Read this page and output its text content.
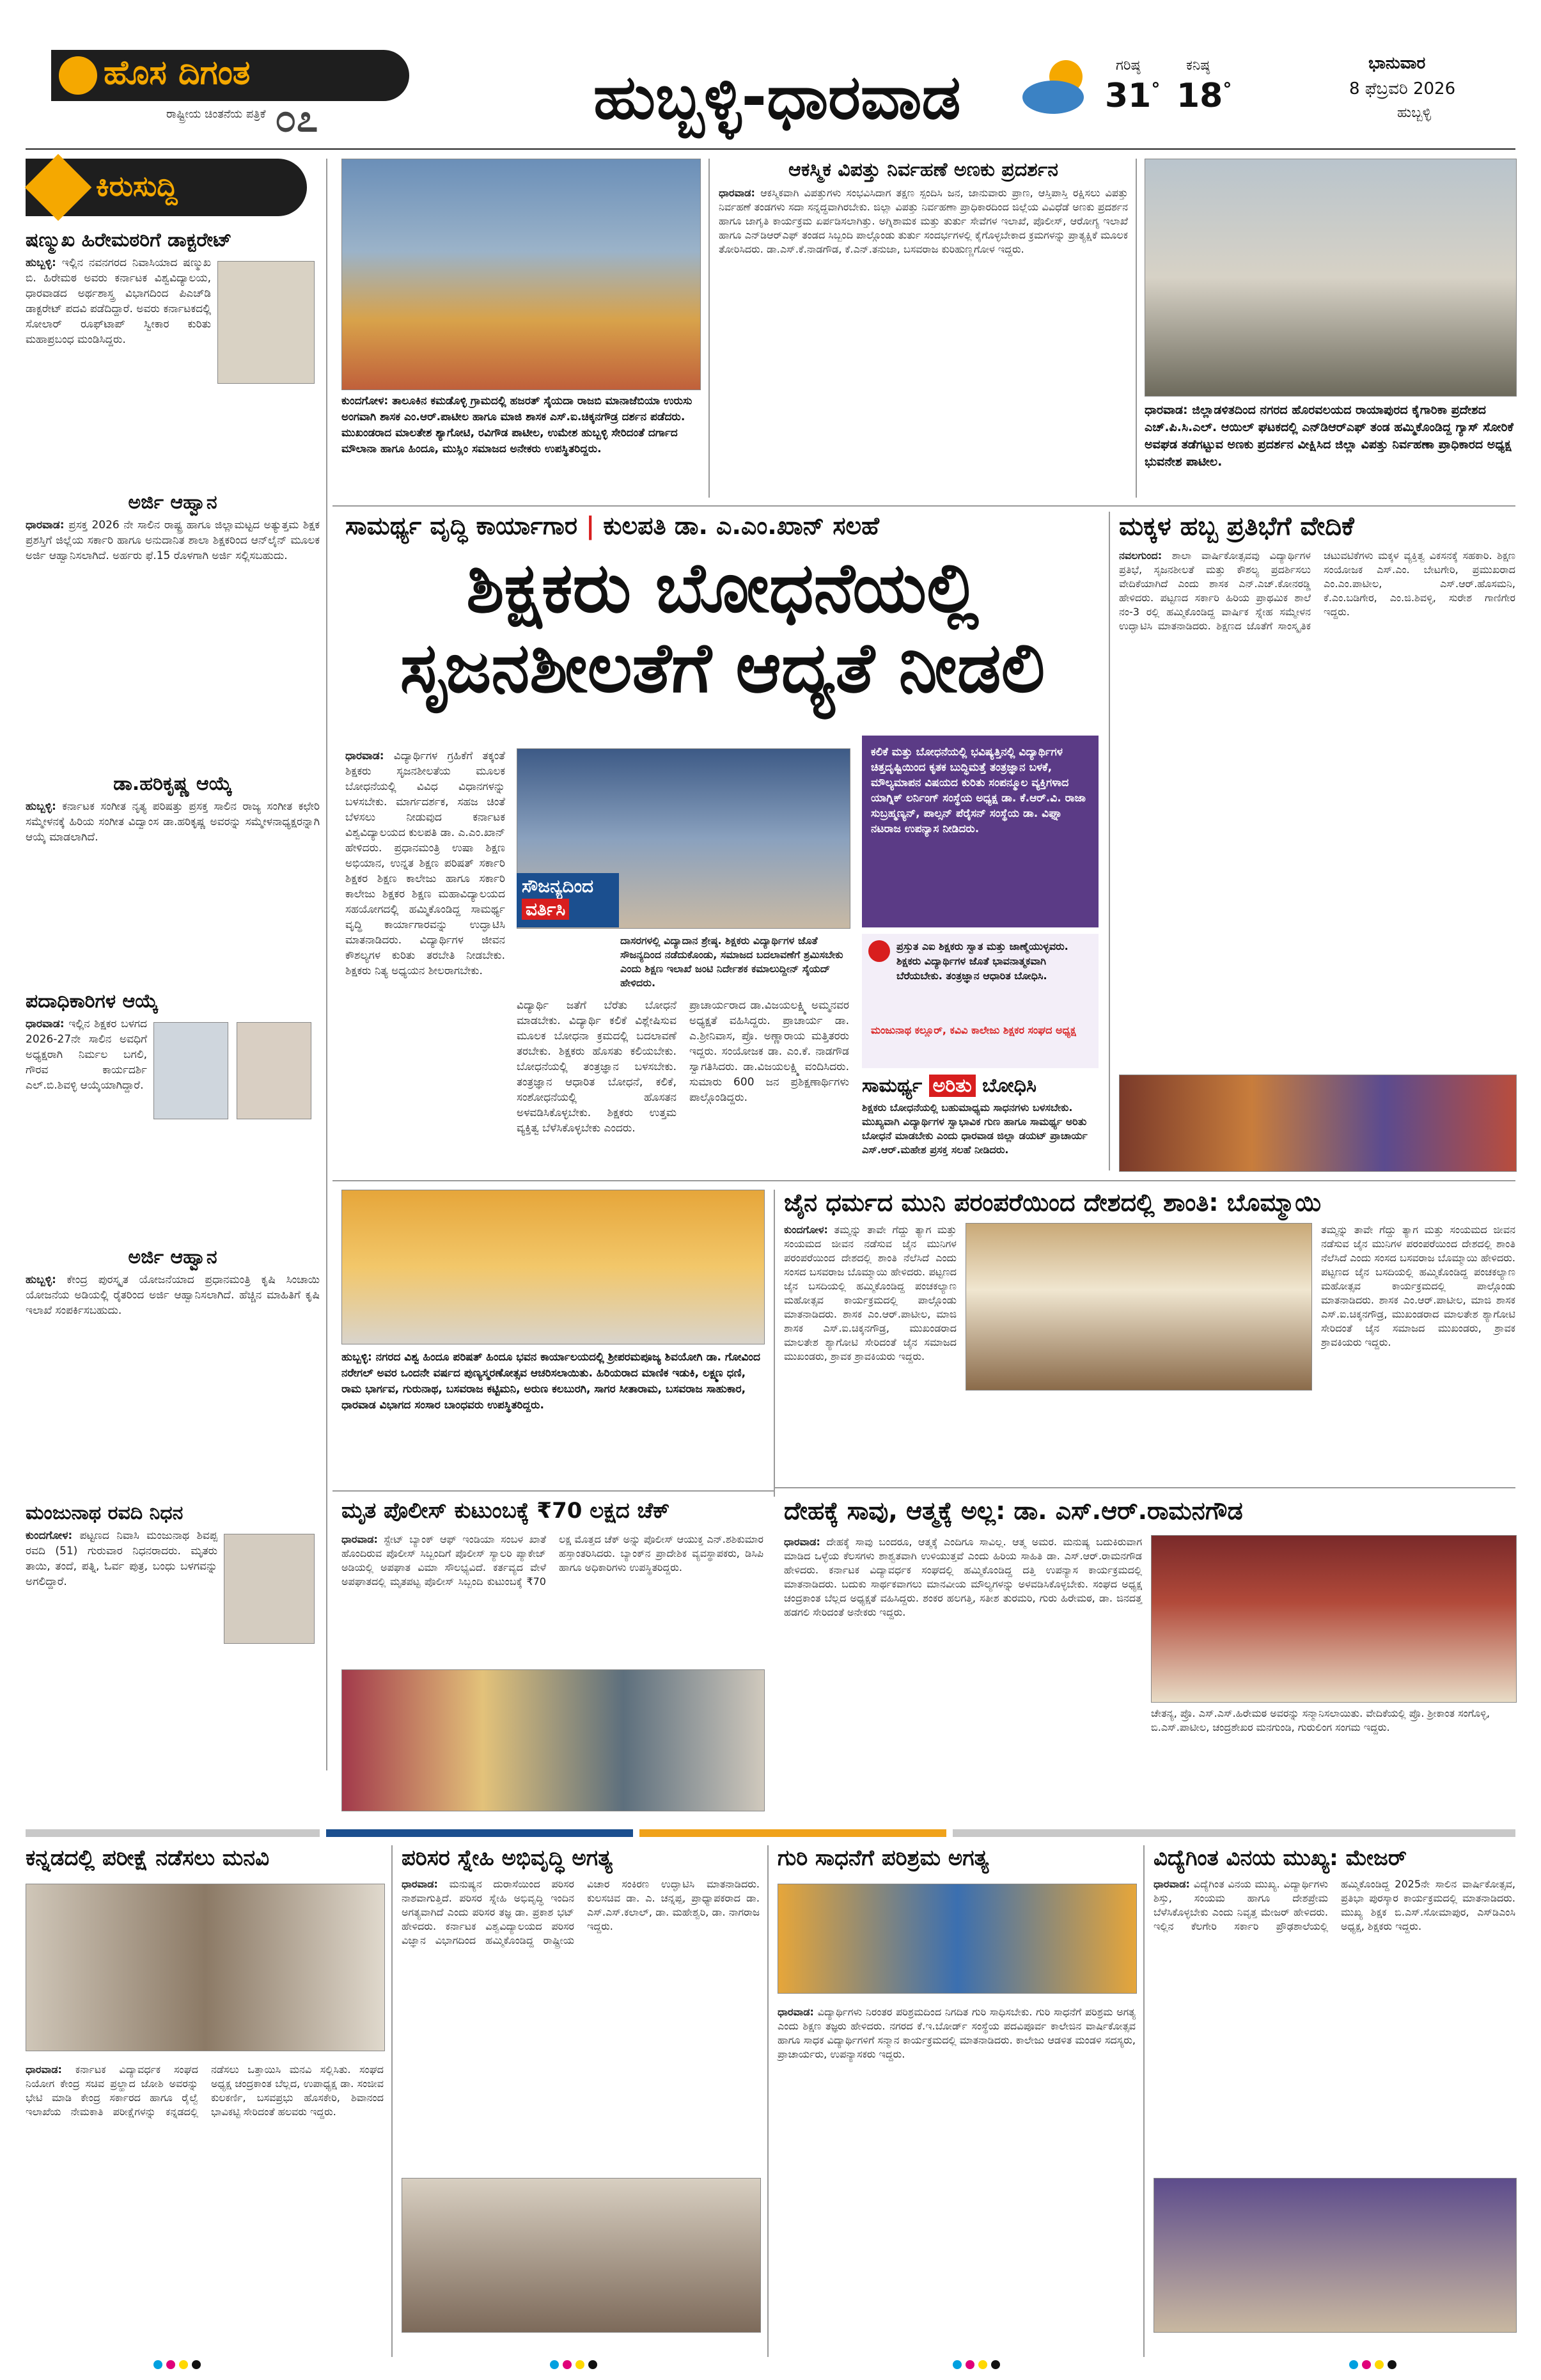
ಹೊಸ ದಿಗಂತ
ರಾಷ್ಟ್ರೀಯ ಚಿಂತನೆಯ ಪತ್ರಿಕೆ ೦೭	ಹುಬ್ಬಳ್ಳಿ-ಧಾರವಾಡ	ಗರಿಷ್ಠ
31°
ಕನಿಷ್ಠ
18°
ಭಾನುವಾರ
8 ಫೆಬ್ರವರಿ 2026
ಹುಬ್ಬಳ್ಳಿ
ಕಿರುಸುದ್ದಿ
ಷಣ್ಮುಖ ಹಿರೇಮಠರಿಗೆ ಡಾಕ್ಟರೇಟ್
ಹುಬ್ಬಳ್ಳಿ: ಇಲ್ಲಿನ ನವನಗರದ ನಿವಾಸಿಯಾದ ಷಣ್ಮುಖ ಬಿ. ಹಿರೇಮಠ ಅವರು ಕರ್ನಾಟಕ ವಿಶ್ವವಿದ್ಯಾಲಯ, ಧಾರವಾಡದ ಅರ್ಥಶಾಸ್ತ್ರ ವಿಭಾಗದಿಂದ ಪಿಎಚ್‌ಡಿ ಡಾಕ್ಟರೇಟ್ ಪದವಿ ಪಡೆದಿದ್ದಾರೆ. ಅವರು ಕರ್ನಾಟಕದಲ್ಲಿ ಸೋಲಾರ್ ರೂಫ್‌ಟಾಪ್ ಸ್ವೀಕಾರ ಕುರಿತು ಮಹಾಪ್ರಬಂಧ ಮಂಡಿಸಿದ್ದರು.
ಅರ್ಜಿ ಆಹ್ವಾನ
ಧಾರವಾಡ: ಪ್ರಸಕ್ತ 2026 ನೇ ಸಾಲಿನ ರಾಷ್ಟ್ರ ಹಾಗೂ ಜಿಲ್ಲಾಮಟ್ಟದ ಅತ್ಯುತ್ತಮ ಶಿಕ್ಷಕ ಪ್ರಶಸ್ತಿಗೆ ಜಿಲ್ಲೆಯ ಸರ್ಕಾರಿ ಹಾಗೂ ಅನುದಾನಿತ ಶಾಲಾ ಶಿಕ್ಷಕರಿಂದ ಆನ್‌ಲೈನ್ ಮೂಲಕ ಅರ್ಜಿ ಆಹ್ವಾನಿಸಲಾಗಿದೆ. ಅರ್ಹರು ಫೆ.15 ರೊಳಗಾಗಿ ಅರ್ಜಿ ಸಲ್ಲಿಸಬಹುದು.
ಡಾ.ಹರಿಕೃಷ್ಣ ಆಯ್ಕೆ
ಹುಬ್ಬಳ್ಳಿ: ಕರ್ನಾಟಕ ಸಂಗೀತ ನೃತ್ಯ ಪರಿಷತ್ತು ಪ್ರಸಕ್ತ ಸಾಲಿನ ರಾಜ್ಯ ಸಂಗೀತ ಕಛೇರಿ ಸಮ್ಮೇಳನಕ್ಕೆ ಹಿರಿಯ ಸಂಗೀತ ವಿದ್ವಾಂಸ ಡಾ.ಹರಿಕೃಷ್ಣ ಅವರನ್ನು ಸಮ್ಮೇಳನಾಧ್ಯಕ್ಷರನ್ನಾಗಿ ಆಯ್ಕೆ ಮಾಡಲಾಗಿದೆ.
ಪದಾಧಿಕಾರಿಗಳ ಆಯ್ಕೆ
ಧಾರವಾಡ: ಇಲ್ಲಿನ ಶಿಕ್ಷಕರ ಬಳಗದ 2026-27ನೇ ಸಾಲಿನ ಅವಧಿಗೆ ಅಧ್ಯಕ್ಷರಾಗಿ ನಿರ್ಮಲ ಬಗಲಿ, ಗೌರವ ಕಾರ್ಯದರ್ಶಿ ಎಲ್.ಬಿ.ಶಿವಳ್ಳಿ ಆಯ್ಕೆಯಾಗಿದ್ದಾರೆ.
ಅರ್ಜಿ ಆಹ್ವಾನ
ಹುಬ್ಬಳ್ಳಿ: ಕೇಂದ್ರ ಪುರಸ್ಕೃತ ಯೋಜನೆಯಾದ ಪ್ರಧಾನಮಂತ್ರಿ ಕೃಷಿ ಸಿಂಚಾಯಿ ಯೋಜನೆಯ ಅಡಿಯಲ್ಲಿ ರೈತರಿಂದ ಅರ್ಜಿ ಆಹ್ವಾನಿಸಲಾಗಿದೆ. ಹೆಚ್ಚಿನ ಮಾಹಿತಿಗೆ ಕೃಷಿ ಇಲಾಖೆ ಸಂಪರ್ಕಿಸಬಹುದು.
ಮಂಜುನಾಥ ರವದಿ ನಿಧನ
ಕುಂದಗೋಳ: ಪಟ್ಟಣದ ನಿವಾಸಿ ಮಂಜುನಾಥ ಶಿವಪ್ಪ ರವದಿ (51) ಗುರುವಾರ ನಿಧನರಾದರು. ಮೃತರು ತಾಯಿ, ತಂದೆ, ಪತ್ನಿ, ಓರ್ವ ಪುತ್ರ, ಬಂಧು ಬಳಗವನ್ನು ಅಗಲಿದ್ದಾರೆ.
ಕುಂದಗೋಳ: ತಾಲೂಕಿನ ಕಮಡೊಳ್ಳಿ ಗ್ರಾಮದಲ್ಲಿ ಹಜರತ್ ಸೈಯದಾ ರಾಜಬಿ ಮಾನಾಜೆಬಿಯಾ ಉರುಸು ಅಂಗವಾಗಿ ಶಾಸಕ ಎಂ.ಆರ್.ಪಾಟೀಲ ಹಾಗೂ ಮಾಜಿ ಶಾಸಕ ಎಸ್.ಐ.ಚಿಕ್ಕನಗೌಡ್ರ ದರ್ಶನ ಪಡೆದರು. ಮುಖಂಡರಾದ ಮಾಲತೇಶ ಶ್ಯಾಗೋಟಿ, ರವಿಗೌಡ ಪಾಟೀಲ, ಉಮೇಶ ಹುಬ್ಬಳ್ಳಿ ಸೇರಿದಂತೆ ದರ್ಗಾದ ಮೌಲಾನಾ ಹಾಗೂ ಹಿಂದೂ, ಮುಸ್ಲಿಂ ಸಮಾಜದ ಅನೇಕರು ಉಪಸ್ಥಿತರಿದ್ದರು.
ಆಕಸ್ಮಿಕ ವಿಪತ್ತು ನಿರ್ವಹಣೆ ಅಣಕು ಪ್ರದರ್ಶನ
ಧಾರವಾಡ: ಆಕಸ್ಮಿಕವಾಗಿ ವಿಪತ್ತುಗಳು ಸಂಭವಿಸಿದಾಗ ತಕ್ಷಣ ಸ್ಪಂದಿಸಿ ಜನ, ಜಾನುವಾರು ಪ್ರಾಣ, ಆಸ್ತಿಪಾಸ್ತಿ ರಕ್ಷಿಸಲು ವಿಪತ್ತು ನಿರ್ವಹಣೆ ತಂಡಗಳು ಸದಾ ಸನ್ನದ್ಧವಾಗಿರಬೇಕು. ಜಿಲ್ಲಾ ವಿಪತ್ತು ನಿರ್ವಹಣಾ ಪ್ರಾಧಿಕಾರದಿಂದ ಜಿಲ್ಲೆಯ ವಿವಿಧೆಡೆ ಅಣಕು ಪ್ರದರ್ಶನ ಹಾಗೂ ಜಾಗೃತಿ ಕಾರ್ಯಕ್ರಮ ಏರ್ಪಡಿಸಲಾಗಿತ್ತು. ಅಗ್ನಿಶಾಮಕ ಮತ್ತು ತುರ್ತು ಸೇವೆಗಳ ಇಲಾಖೆ, ಪೊಲೀಸ್, ಆರೋಗ್ಯ ಇಲಾಖೆ ಹಾಗೂ ಎನ್‌ಡಿಆರ್‌ಎಫ್ ತಂಡದ ಸಿಬ್ಬಂದಿ ಪಾಲ್ಗೊಂಡು ತುರ್ತು ಸಂದರ್ಭಗಳಲ್ಲಿ ಕೈಗೊಳ್ಳಬೇಕಾದ ಕ್ರಮಗಳನ್ನು ಪ್ರಾತ್ಯಕ್ಷಿಕೆ ಮೂಲಕ ತೋರಿಸಿದರು. ಡಾ.ಎಸ್.ಕೆ.ನಾಡಗೌಡ, ಕೆ.ಎನ್.ತನುಜಾ, ಬಸವರಾಜ ಕುರಿಹುಣ್ಣಗೋಳ ಇದ್ದರು.
ಧಾರವಾಡ: ಜಿಲ್ಲಾಡಳಿತದಿಂದ ನಗರದ ಹೊರವಲಯದ ರಾಯಾಪುರದ ಕೈಗಾರಿಕಾ ಪ್ರದೇಶದ ಎಚ್.ಪಿ.ಸಿ.ಎಲ್. ಆಯಿಲ್ ಘಟಕದಲ್ಲಿ ಎನ್‌ಡಿಆರ್‌ಎಫ್ ತಂಡ ಹಮ್ಮಿಕೊಂಡಿದ್ದ ಗ್ಯಾಸ್ ಸೋರಿಕೆ ಅವಘಡ ತಡೆಗಟ್ಟುವ ಅಣಕು ಪ್ರದರ್ಶನ ವೀಕ್ಷಿಸಿದ ಜಿಲ್ಲಾ ವಿಪತ್ತು ನಿರ್ವಹಣಾ ಪ್ರಾಧಿಕಾರದ ಅಧ್ಯಕ್ಷ ಭುವನೇಶ ಪಾಟೀಲ.
ಸಾಮರ್ಥ್ಯ ವೃದ್ಧಿ ಕಾರ್ಯಾಗಾರ | ಕುಲಪತಿ ಡಾ. ಎ.ಎಂ.ಖಾನ್ ಸಲಹೆ
ಶಿಕ್ಷಕರು ಬೋಧನೆಯಲ್ಲಿ
ಸೃಜನಶೀಲತೆಗೆ ಆದ್ಯತೆ ನೀಡಲಿ
ಧಾರವಾಡ: ವಿದ್ಯಾರ್ಥಿಗಳ ಗ್ರಹಿಕೆಗೆ ತಕ್ಕಂತೆ ಶಿಕ್ಷಕರು ಸೃಜನಶೀಲತೆಯ ಮೂಲಕ ಬೋಧನೆಯಲ್ಲಿ ವಿವಿಧ ವಿಧಾನಗಳನ್ನು ಬಳಸಬೇಕು. ಮಾರ್ಗದರ್ಶಕ, ಸಹಜ ಚಿಂತೆ ಬೆಳಸಲು ನೀಡುವುದ ಕರ್ನಾಟಕ ವಿಶ್ವವಿದ್ಯಾಲಯದ ಕುಲಪತಿ ಡಾ. ಎ.ಎಂ.ಖಾನ್ ಹೇಳಿದರು. ಪ್ರಧಾನಮಂತ್ರಿ ಉಷಾ ಶಿಕ್ಷಣ ಅಭಿಯಾನ, ಉನ್ನತ ಶಿಕ್ಷಣ ಪರಿಷತ್ ಸರ್ಕಾರಿ ಶಿಕ್ಷಕರ ಶಿಕ್ಷಣ ಕಾಲೇಜು ಹಾಗೂ ಸರ್ಕಾರಿ ಕಾಲೇಜು ಶಿಕ್ಷಕರ ಶಿಕ್ಷಣ ಮಹಾವಿದ್ಯಾಲಯದ ಸಹಯೋಗದಲ್ಲಿ ಹಮ್ಮಿಕೊಂಡಿದ್ದ ಸಾಮರ್ಥ್ಯ ವೃದ್ಧಿ ಕಾರ್ಯಾಗಾರವನ್ನು ಉದ್ಘಾಟಿಸಿ ಮಾತನಾಡಿದರು. ವಿದ್ಯಾರ್ಥಿಗಳ ಜೀವನ ಕೌಶಲ್ಯಗಳ ಕುರಿತು ತರಬೇತಿ ನೀಡಬೇಕು. ಶಿಕ್ಷಕರು ನಿತ್ಯ ಅಧ್ಯಯನ ಶೀಲರಾಗಬೇಕು.
ಸೌಜನ್ಯದಿಂದ
ವರ್ತಿಸಿ
ದಾಸರಗಳಲ್ಲಿ ವಿದ್ಯಾದಾನ ಶ್ರೇಷ್ಠ. ಶಿಕ್ಷಕರು ವಿದ್ಯಾರ್ಥಿಗಳ ಜೊತೆ ಸೌಜನ್ಯದಿಂದ ನಡೆದುಕೊಂಡು, ಸಮಾಜದ ಬದಲಾವಣೆಗೆ ಶ್ರಮಿಸಬೇಕು ಎಂದು ಶಿಕ್ಷಣ ಇಲಾಖೆ ಜಂಟಿ ನಿರ್ದೇಶಕ ಕಮಾಲುದ್ದೀನ್ ಸೈಯದ್ ಹೇಳಿದರು.
ವಿದ್ಯಾರ್ಥಿ ಜತೆಗೆ ಬೆರೆತು ಬೋಧನೆ ಮಾಡಬೇಕು. ವಿದ್ಯಾರ್ಥಿ ಕಲಿಕೆ ವಿಶ್ಲೇಷಿಸುವ ಮೂಲಕ ಬೋಧನಾ ಕ್ರಮದಲ್ಲಿ ಬದಲಾವಣೆ ತರಬೇಕು. ಶಿಕ್ಷಕರು ಹೊಸತು ಕಲಿಯಬೇಕು. ಬೋಧನೆಯಲ್ಲಿ ತಂತ್ರಜ್ಞಾನ ಬಳಸಬೇಕು. ತಂತ್ರಜ್ಞಾನ ಆಧಾರಿತ ಬೋಧನೆ, ಕಲಿಕೆ, ಸಂಶೋಧನೆಯಲ್ಲಿ ಹೊಸತನ ಅಳವಡಿಸಿಕೊಳ್ಳಬೇಕು. ಶಿಕ್ಷಕರು ಉತ್ತಮ ವ್ಯಕ್ತಿತ್ವ ಬೆಳೆಸಿಕೊಳ್ಳಬೇಕು ಎಂದರು.
ಪ್ರಾಚಾರ್ಯರಾದ ಡಾ.ವಿಜಯಲಕ್ಷ್ಮಿ ಅಮ್ಮನವರ ಅಧ್ಯಕ್ಷತೆ ವಹಿಸಿದ್ದರು. ಪ್ರಾಚಾರ್ಯ ಡಾ. ಎ.ಶ್ರೀನಿವಾಸ, ಪ್ರೊ. ಅಣ್ಣಾರಾಯ ಮತ್ತಿತರರು ಇದ್ದರು. ಸಂಯೋಜಕ ಡಾ. ಎಂ.ಕೆ. ನಾಡಗೌಡ ಸ್ವಾಗತಿಸಿದರು. ಡಾ.ವಿಜಯಲಕ್ಷ್ಮಿ ವಂದಿಸಿದರು. ಸುಮಾರು 600 ಜನ ಪ್ರಶಿಕ್ಷಣಾರ್ಥಿಗಳು ಪಾಲ್ಗೊಂಡಿದ್ದರು.
ಕಲಿಕೆ ಮತ್ತು ಬೋಧನೆಯಲ್ಲಿ ಭವಿಷ್ಯತ್ತಿನಲ್ಲಿ ವಿದ್ಯಾರ್ಥಿಗಳ ಚಿತ್ತದೃಷ್ಟಿಯಿಂದ ಕೃತಕ ಬುದ್ಧಿಮತ್ತೆ ತಂತ್ರಜ್ಞಾನ ಬಳಕೆ, ಮೌಲ್ಯಮಾಪನ ವಿಷಯದ ಕುರಿತು ಸಂಪನ್ಮೂಲ ವ್ಯಕ್ತಿಗಳಾದ ಯಾಗ್ನಿಕ್ ಲರ್ನಿಂಗ್ ಸಂಸ್ಥೆಯ ಅಧ್ಯಕ್ಷ ಡಾ. ಕೆ.ಆರ್.ವಿ. ರಾಜಾ ಸುಬ್ರಹ್ಮಣ್ಯನ್, ಪಾಲ್ಸನ್ ಪೆರೈಸನ್ ಸಂಸ್ಥೆಯ ಡಾ. ವಿಘ್ನಾ ನಟರಾಜ ಉಪನ್ಯಾಸ ನೀಡಿದರು.
ಪ್ರಸ್ತುತ ಎಐ ಶಿಕ್ಷಕರು ಸ್ವಾತ ಮತ್ತು ಜಾಣ್ಮೆಯುಳ್ಳವರು. ಶಿಕ್ಷಕರು ವಿದ್ಯಾರ್ಥಿಗಳ ಜೊತೆ ಭಾವನಾತ್ಮಕವಾಗಿ ಬೆರೆಯಬೇಕು. ತಂತ್ರಜ್ಞಾನ ಆಧಾರಿತ ಬೋಧಿಸಿ.
ಮಂಜುನಾಥ ಕಲ್ಲೂರ್, ಕವಿವಿ ಕಾಲೇಜು ಶಿಕ್ಷಕರ ಸಂಘದ ಅಧ್ಯಕ್ಷ
ಸಾಮರ್ಥ್ಯ ಅರಿತು ಬೋಧಿಸಿ
ಶಿಕ್ಷಕರು ಬೋಧನೆಯಲ್ಲಿ ಬಹುಮಾಧ್ಯಮ ಸಾಧನಗಳು ಬಳಸಬೇಕು. ಮುಖ್ಯವಾಗಿ ವಿದ್ಯಾರ್ಥಿಗಳ ಸ್ವಾಭಾವಿಕ ಗುಣ ಹಾಗೂ ಸಾಮರ್ಥ್ಯ ಅರಿತು ಬೋಧನೆ ಮಾಡಬೇಕು ಎಂದು ಧಾರವಾಡ ಜಿಲ್ಲಾ ಡಯಟ್ ಪ್ರಾಚಾರ್ಯ ಎಸ್.ಆರ್.ಮಹೇಶ ಪ್ರಸಕ್ತ ಸಲಹೆ ನೀಡಿದರು.
ಮಕ್ಕಳ ಹಬ್ಬ ಪ್ರತಿಭೆಗೆ ವೇದಿಕೆ
ನವಲಗುಂದ: ಶಾಲಾ ವಾರ್ಷಿಕೋತ್ಸವವು ವಿದ್ಯಾರ್ಥಿಗಳ ಪ್ರತಿಭೆ, ಸೃಜನಶೀಲತೆ ಮತ್ತು ಕೌಶಲ್ಯ ಪ್ರದರ್ಶಿಸಲು ವೇದಿಕೆಯಾಗಿದೆ ಎಂದು ಶಾಸಕ ಎನ್.ಎಚ್.ಕೋನರಡ್ಡಿ ಹೇಳಿದರು. ಪಟ್ಟಣದ ಸರ್ಕಾರಿ ಹಿರಿಯ ಪ್ರಾಥಮಿಕ ಶಾಲೆ ನಂ-3 ರಲ್ಲಿ ಹಮ್ಮಿಕೊಂಡಿದ್ದ ವಾರ್ಷಿಕ ಸ್ನೇಹ ಸಮ್ಮೇಳನ ಉದ್ಘಾಟಿಸಿ ಮಾತನಾಡಿದರು. ಶಿಕ್ಷಣದ ಜೊತೆಗೆ ಸಾಂಸ್ಕೃತಿಕ ಚಟುವಟಿಕೆಗಳು ಮಕ್ಕಳ ವ್ಯಕ್ತಿತ್ವ ವಿಕಸನಕ್ಕೆ ಸಹಕಾರಿ. ಶಿಕ್ಷಣ ಸಂಯೋಜಕ ಎಸ್.ಎಂ. ಬೇಟಗೇರಿ, ಪ್ರಮುಖರಾದ ಎಂ.ಎಂ.ಪಾಟೀಲ, ಎಸ್.ಆರ್.ಹೊಸಮನಿ, ಕೆ.ಎಂ.ಬಡಿಗೇರ, ಎಂ.ಜಿ.ಶಿವಳ್ಳಿ, ಸುರೇಶ ಗಾಣಿಗೇರ ಇದ್ದರು.
ಹುಬ್ಬಳ್ಳಿ: ನಗರದ ವಿಶ್ವ ಹಿಂದೂ ಪರಿಷತ್ ಹಿಂದೂ ಭವನ ಕಾರ್ಯಾಲಯದಲ್ಲಿ ಶ್ರೀಪರಮಪೂಜ್ಯ ಶಿವಯೋಗಿ ಡಾ. ಗೋವಿಂದ ನರೇಗಲ್ ಅವರ ಒಂದನೇ ವರ್ಷದ ಪುಣ್ಯಸ್ಮರಣೋತ್ಸವ ಆಚರಿಸಲಾಯಿತು. ಹಿರಿಯರಾದ ಮಾಣಿಕ ಇಡುಕಿ, ಲಕ್ಷ್ಮಣ ಧಣಿ, ರಾಮ ಭಾರ್ಗವ, ಗುರುನಾಥ, ಬಸವರಾಜ ಕಟ್ಟಿಮನಿ, ಅರುಣ ಕಲಬುರಗಿ, ಸಾಗರ ಸೀತಾರಾಮ, ಬಸವರಾಜ ಸಾಹುಕಾರ, ಧಾರವಾಡ ವಿಭಾಗದ ಸಂಸಾರ ಬಾಂಧವರು ಉಪಸ್ಥಿತರಿದ್ದರು.
ಜೈನ ಧರ್ಮದ ಮುನಿ ಪರಂಪರೆಯಿಂದ ದೇಶದಲ್ಲಿ ಶಾಂತಿ: ಬೊಮ್ಮಾಯಿ
ಕುಂದಗೋಳ: ತಮ್ಮನ್ನು ತಾವೇ ಗೆದ್ದು ತ್ಯಾಗ ಮತ್ತು ಸಂಯಮದ ಜೀವನ ನಡೆಸುವ ಜೈನ ಮುನಿಗಳ ಪರಂಪರೆಯಿಂದ ದೇಶದಲ್ಲಿ ಶಾಂತಿ ನೆಲೆಸಿದೆ ಎಂದು ಸಂಸದ ಬಸವರಾಜ ಬೊಮ್ಮಾಯಿ ಹೇಳಿದರು. ಪಟ್ಟಣದ ಜೈನ ಬಸದಿಯಲ್ಲಿ ಹಮ್ಮಿಕೊಂಡಿದ್ದ ಪಂಚಕಲ್ಯಾಣ ಮಹೋತ್ಸವ ಕಾರ್ಯಕ್ರಮದಲ್ಲಿ ಪಾಲ್ಗೊಂಡು ಮಾತನಾಡಿದರು. ಶಾಸಕ ಎಂ.ಆರ್.ಪಾಟೀಲ, ಮಾಜಿ ಶಾಸಕ ಎಸ್.ಐ.ಚಿಕ್ಕನಗೌಡ್ರ, ಮುಖಂಡರಾದ ಮಾಲತೇಶ ಶ್ಯಾಗೋಟಿ ಸೇರಿದಂತೆ ಜೈನ ಸಮಾಜದ ಮುಖಂಡರು, ಶ್ರಾವಕ ಶ್ರಾವಕಿಯರು ಇದ್ದರು.
ತಮ್ಮನ್ನು ತಾವೇ ಗೆದ್ದು ತ್ಯಾಗ ಮತ್ತು ಸಂಯಮದ ಜೀವನ ನಡೆಸುವ ಜೈನ ಮುನಿಗಳ ಪರಂಪರೆಯಿಂದ ದೇಶದಲ್ಲಿ ಶಾಂತಿ ನೆಲೆಸಿದೆ ಎಂದು ಸಂಸದ ಬಸವರಾಜ ಬೊಮ್ಮಾಯಿ ಹೇಳಿದರು. ಪಟ್ಟಣದ ಜೈನ ಬಸದಿಯಲ್ಲಿ ಹಮ್ಮಿಕೊಂಡಿದ್ದ ಪಂಚಕಲ್ಯಾಣ ಮಹೋತ್ಸವ ಕಾರ್ಯಕ್ರಮದಲ್ಲಿ ಪಾಲ್ಗೊಂಡು ಮಾತನಾಡಿದರು. ಶಾಸಕ ಎಂ.ಆರ್.ಪಾಟೀಲ, ಮಾಜಿ ಶಾಸಕ ಎಸ್.ಐ.ಚಿಕ್ಕನಗೌಡ್ರ, ಮುಖಂಡರಾದ ಮಾಲತೇಶ ಶ್ಯಾಗೋಟಿ ಸೇರಿದಂತೆ ಜೈನ ಸಮಾಜದ ಮುಖಂಡರು, ಶ್ರಾವಕ ಶ್ರಾವಕಿಯರು ಇದ್ದರು.
ಮೃತ ಪೊಲೀಸ್ ಕುಟುಂಬಕ್ಕೆ ₹70 ಲಕ್ಷದ ಚೆಕ್
ಧಾರವಾಡ: ಸ್ಟೇಟ್ ಬ್ಯಾಂಕ್ ಆಫ್ ಇಂಡಿಯಾ ಸಂಬಳ ಖಾತೆ ಹೊಂದಿರುವ ಪೊಲೀಸ್ ಸಿಬ್ಬಂದಿಗೆ ಪೊಲೀಸ್ ಸ್ಯಾಲರಿ ಪ್ಯಾಕೇಜ್ ಅಡಿಯಲ್ಲಿ ಅಪಘಾತ ವಿಮಾ ಸೌಲಭ್ಯವಿದೆ. ಕರ್ತವ್ಯದ ವೇಳೆ ಅಪಘಾತದಲ್ಲಿ ಮೃತಪಟ್ಟ ಪೊಲೀಸ್ ಸಿಬ್ಬಂದಿ ಕುಟುಂಬಕ್ಕೆ ₹70 ಲಕ್ಷ ಮೊತ್ತದ ಚೆಕ್ ಅನ್ನು ಪೊಲೀಸ್ ಆಯುಕ್ತ ಎನ್.ಶಶಿಕುಮಾರ ಹಸ್ತಾಂತರಿಸಿದರು. ಬ್ಯಾಂಕ್‌ನ ಪ್ರಾದೇಶಿಕ ವ್ಯವಸ್ಥಾಪಕರು, ಡಿಸಿಪಿ ಹಾಗೂ ಅಧಿಕಾರಿಗಳು ಉಪಸ್ಥಿತರಿದ್ದರು.
ದೇಹಕ್ಕೆ ಸಾವು, ಆತ್ಮಕ್ಕೆ ಅಲ್ಲ: ಡಾ. ಎಸ್.ಆರ್.ರಾಮನಗೌಡ
ಧಾರವಾಡ: ದೇಹಕ್ಕೆ ಸಾವು ಬಂದರೂ, ಆತ್ಮಕ್ಕೆ ಎಂದಿಗೂ ಸಾವಿಲ್ಲ. ಆತ್ಮ ಅಮರ. ಮನುಷ್ಯ ಬದುಕಿರುವಾಗ ಮಾಡಿದ ಒಳ್ಳೆಯ ಕೆಲಸಗಳು ಶಾಶ್ವತವಾಗಿ ಉಳಿಯುತ್ತವೆ ಎಂದು ಹಿರಿಯ ಸಾಹಿತಿ ಡಾ. ಎಸ್.ಆರ್.ರಾಮನಗೌಡ ಹೇಳಿದರು. ಕರ್ನಾಟಕ ವಿದ್ಯಾವರ್ಧಕ ಸಂಘದಲ್ಲಿ ಹಮ್ಮಿಕೊಂಡಿದ್ದ ದತ್ತಿ ಉಪನ್ಯಾಸ ಕಾರ್ಯಕ್ರಮದಲ್ಲಿ ಮಾತನಾಡಿದರು. ಬದುಕು ಸಾರ್ಥಕವಾಗಲು ಮಾನವೀಯ ಮೌಲ್ಯಗಳನ್ನು ಅಳವಡಿಸಿಕೊಳ್ಳಬೇಕು. ಸಂಘದ ಅಧ್ಯಕ್ಷ ಚಂದ್ರಕಾಂತ ಬೆಲ್ಲದ ಅಧ್ಯಕ್ಷತೆ ವಹಿಸಿದ್ದರು. ಶಂಕರ ಹಲಗತ್ತಿ, ಸತೀಶ ತುರಮರಿ, ಗುರು ಹಿರೇಮಠ, ಡಾ. ಜಿನದತ್ತ ಹಡಗಲಿ ಸೇರಿದಂತೆ ಅನೇಕರು ಇದ್ದರು.
ಚೇತನ್ಯ, ಪ್ರೊ. ಎಸ್.ಎಸ್.ಹಿರೇಮಠ ಅವರನ್ನು ಸನ್ಮಾನಿಸಲಾಯಿತು. ವೇದಿಕೆಯಲ್ಲಿ ಪ್ರೊ. ಶ್ರೀಕಾಂತ ಸಂಗೊಳ್ಳಿ, ಬಿ.ಎಸ್.ಪಾಟೀಲ, ಚಂದ್ರಶೇಖರ ಮನಗುಂಡಿ, ಗುರುಲಿಂಗ ಸಂಗಮ ಇದ್ದರು.
ಕನ್ನಡದಲ್ಲಿ ಪರೀಕ್ಷೆ ನಡೆಸಲು ಮನವಿ
ಧಾರವಾಡ: ಕರ್ನಾಟಕ ವಿದ್ಯಾವರ್ಧಕ ಸಂಘದ ನಿಯೋಗ ಕೇಂದ್ರ ಸಚಿವ ಪ್ರಲ್ಹಾದ ಜೋಶಿ ಅವರನ್ನು ಭೇಟಿ ಮಾಡಿ ಕೇಂದ್ರ ಸರ್ಕಾರದ ಹಾಗೂ ರೈಲ್ವೆ ಇಲಾಖೆಯ ನೇಮಕಾತಿ ಪರೀಕ್ಷೆಗಳನ್ನು ಕನ್ನಡದಲ್ಲಿ ನಡೆಸಲು ಒತ್ತಾಯಿಸಿ ಮನವಿ ಸಲ್ಲಿಸಿತು. ಸಂಘದ ಅಧ್ಯಕ್ಷ ಚಂದ್ರಕಾಂತ ಬೆಲ್ಲದ, ಉಪಾಧ್ಯಕ್ಷ ಡಾ. ಸಂಜೀವ ಕುಲಕರ್ಣಿ, ಬಸವಪ್ರಭು ಹೊಸಕೇರಿ, ಶಿವಾನಂದ ಭಾವಿಕಟ್ಟಿ ಸೇರಿದಂತೆ ಹಲವರು ಇದ್ದರು.
ಪರಿಸರ ಸ್ನೇಹಿ ಅಭಿವೃದ್ಧಿ ಅಗತ್ಯ
ಧಾರವಾಡ: ಮನುಷ್ಯನ ದುರಾಸೆಯಿಂದ ಪರಿಸರ ನಾಶವಾಗುತ್ತಿದೆ. ಪರಿಸರ ಸ್ನೇಹಿ ಅಭಿವೃದ್ಧಿ ಇಂದಿನ ಅಗತ್ಯವಾಗಿದೆ ಎಂದು ಪರಿಸರ ತಜ್ಞ ಡಾ. ಪ್ರಕಾಶ ಭಟ್ ಹೇಳಿದರು. ಕರ್ನಾಟಕ ವಿಶ್ವವಿದ್ಯಾಲಯದ ಪರಿಸರ ವಿಜ್ಞಾನ ವಿಭಾಗದಿಂದ ಹಮ್ಮಿಕೊಂಡಿದ್ದ ರಾಷ್ಟ್ರೀಯ ವಿಚಾರ ಸಂಕಿರಣ ಉದ್ಘಾಟಿಸಿ ಮಾತನಾಡಿದರು. ಕುಲಸಚಿವ ಡಾ. ಎ. ಚನ್ನಪ್ಪ, ಪ್ರಾಧ್ಯಾಪಕರಾದ ಡಾ. ಎಸ್.ಎಸ್.ಕಲಾಲ್, ಡಾ. ಮಹೇಶ್ವರಿ, ಡಾ. ನಾಗರಾಜ ಇದ್ದರು.
ಗುರಿ ಸಾಧನೆಗೆ ಪರಿಶ್ರಮ ಅಗತ್ಯ
ಧಾರವಾಡ: ವಿದ್ಯಾರ್ಥಿಗಳು ನಿರಂತರ ಪರಿಶ್ರಮದಿಂದ ನಿಗದಿತ ಗುರಿ ಸಾಧಿಸಬೇಕು. ಗುರಿ ಸಾಧನೆಗೆ ಪರಿಶ್ರಮ ಅಗತ್ಯ ಎಂದು ಶಿಕ್ಷಣ ತಜ್ಞರು ಹೇಳಿದರು. ನಗರದ ಕೆ.ಇ.ಬೋರ್ಡ್ ಸಂಸ್ಥೆಯ ಪದವಿಪೂರ್ವ ಕಾಲೇಜಿನ ವಾರ್ಷಿಕೋತ್ಸವ ಹಾಗೂ ಸಾಧಕ ವಿದ್ಯಾರ್ಥಿಗಳಿಗೆ ಸನ್ಮಾನ ಕಾರ್ಯಕ್ರಮದಲ್ಲಿ ಮಾತನಾಡಿದರು. ಕಾಲೇಜು ಆಡಳಿತ ಮಂಡಳಿ ಸದಸ್ಯರು, ಪ್ರಾಚಾರ್ಯರು, ಉಪನ್ಯಾಸಕರು ಇದ್ದರು.
ವಿದ್ಯೆಗಿಂತ ವಿನಯ ಮುಖ್ಯ: ಮೇಜರ್
ಧಾರವಾಡ: ವಿದ್ಯೆಗಿಂತ ವಿನಯ ಮುಖ್ಯ. ವಿದ್ಯಾರ್ಥಿಗಳು ಶಿಸ್ತು, ಸಂಯಮ ಹಾಗೂ ದೇಶಪ್ರೇಮ ಬೆಳೆಸಿಕೊಳ್ಳಬೇಕು ಎಂದು ನಿವೃತ್ತ ಮೇಜರ್ ಹೇಳಿದರು. ಇಲ್ಲಿನ ಕೆಲಗೇರಿ ಸರ್ಕಾರಿ ಪ್ರೌಢಶಾಲೆಯಲ್ಲಿ ಹಮ್ಮಿಕೊಂಡಿದ್ದ 2025ನೇ ಸಾಲಿನ ವಾರ್ಷಿಕೋತ್ಸವ, ಪ್ರತಿಭಾ ಪುರಸ್ಕಾರ ಕಾರ್ಯಕ್ರಮದಲ್ಲಿ ಮಾತನಾಡಿದರು. ಮುಖ್ಯ ಶಿಕ್ಷಕ ಬಿ.ಎಸ್.ಸೋಮಾಪುರ, ಎಸ್‌ಡಿಎಂಸಿ ಅಧ್ಯಕ್ಷ, ಶಿಕ್ಷಕರು ಇದ್ದರು.
